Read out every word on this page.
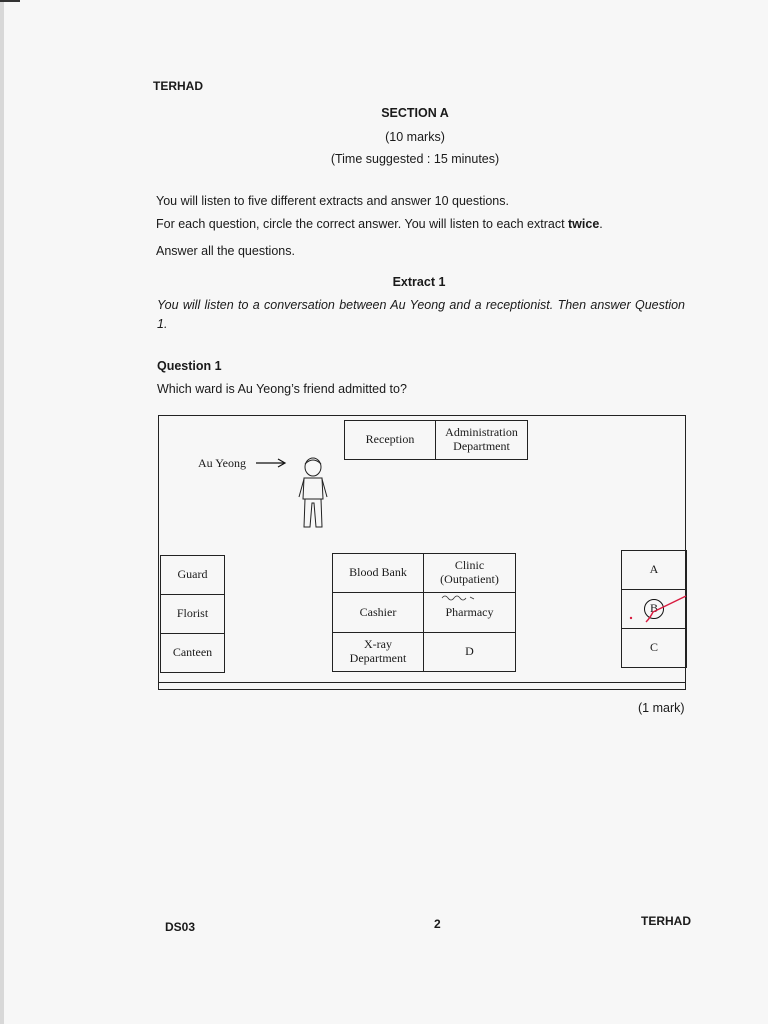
TERHAD
SECTION A
(10 marks)
(Time suggested : 15 minutes)
You will listen to five different extracts and answer 10 questions.
For each question, circle the correct answer. You will listen to each extract twice.
Answer all the questions.
Extract 1
You will listen to a conversation between Au Yeong and a receptionist. Then answer Question 1.
Question 1
Which ward is Au Yeong’s friend admitted to?
Reception	Administration Department
Au Yeong
Guard
Florist
Canteen
Blood Bank	Clinic
(Outpatient)
Cashier	Pharmacy
X-ray
Department	D
A
B
C
(1 mark)
DS03	2	TERHAD
